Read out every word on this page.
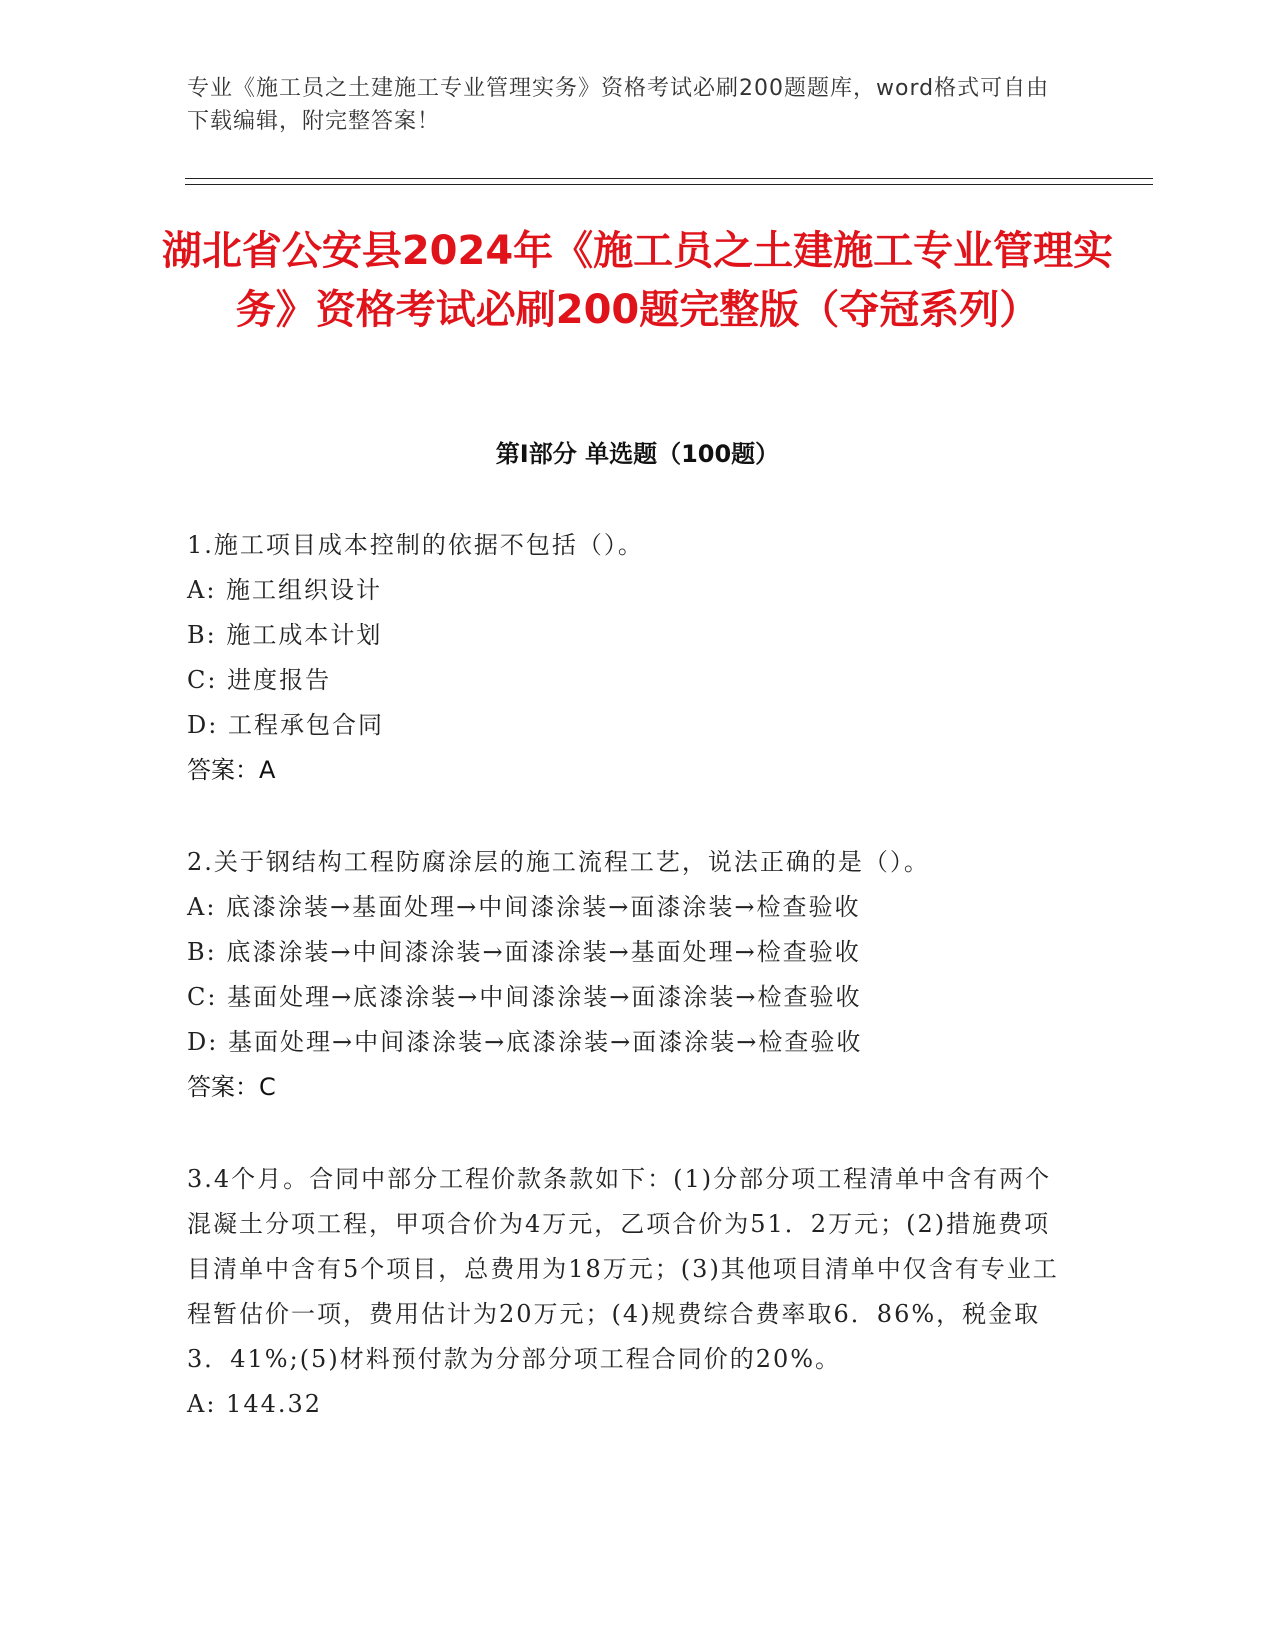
专业《施工员之土建施工专业管理实务》资格考试必刷200题题库，word格式可自由下载编辑，附完整答案！
湖北省公安县2024年《施工员之土建施工专业管理实务》资格考试必刷200题完整版（夺冠系列）
第Ⅰ部分 单选题（100题）
1.施工项目成本控制的依据不包括（）。
A: 施工组织设计
B: 施工成本计划
C: 进度报告
D: 工程承包合同
答案：A
2.关于钢结构工程防腐涂层的施工流程工艺，说法正确的是（）。
A: 底漆涂装→基面处理→中间漆涂装→面漆涂装→检查验收
B: 底漆涂装→中间漆涂装→面漆涂装→基面处理→检查验收
C: 基面处理→底漆涂装→中间漆涂装→面漆涂装→检查验收
D: 基面处理→中间漆涂装→底漆涂装→面漆涂装→检查验收
答案：C
3.4个月。合同中部分工程价款条款如下：(1)分部分项工程清单中含有两个混凝土分项工程，甲项合价为4万元，乙项合价为51．2万元；(2)措施费项目清单中含有5个项目，总费用为18万元；(3)其他项目清单中仅含有专业工程暂估价一项，费用估计为20万元；(4)规费综合费率取6．86%，税金取3．41%;(5)材料预付款为分部分项工程合同价的20%。
A: 144.32
